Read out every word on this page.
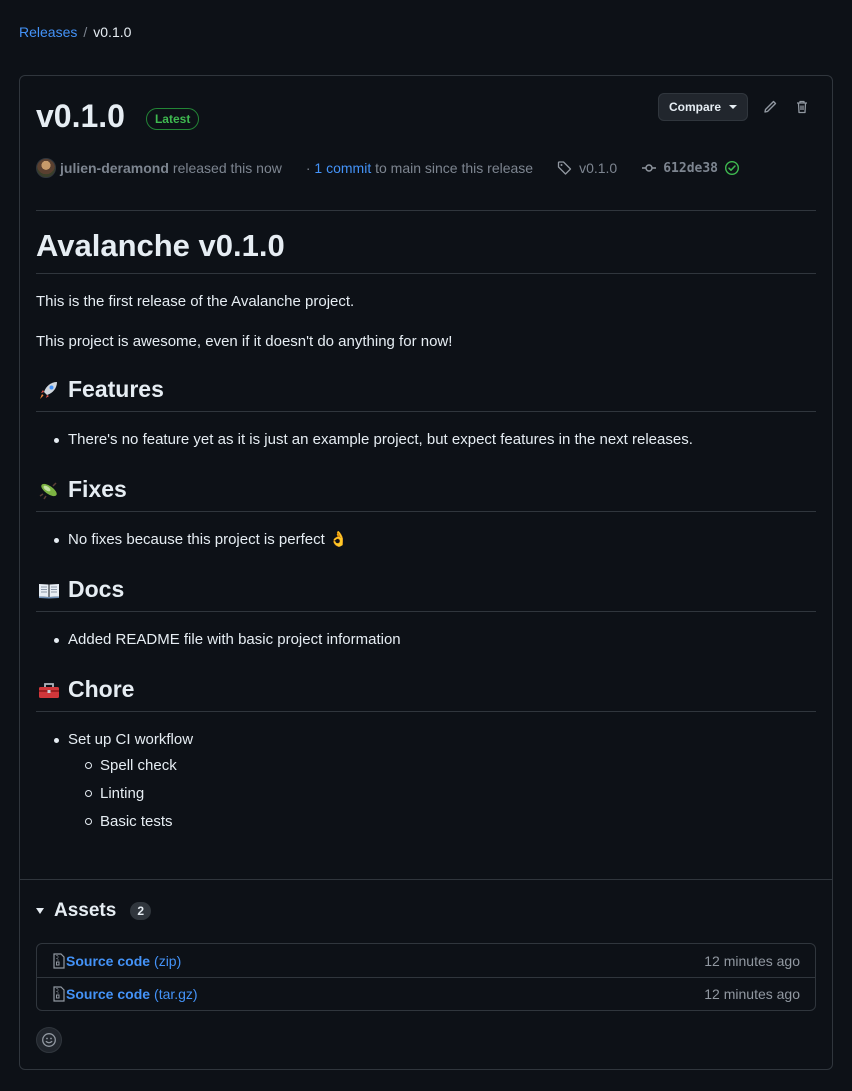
Releases / v0.1.0
v0.1.0	Latest
Compare
julien-deramond released this now · 1 commit to main since this release	v0.1.0	612de38
Avalanche v0.1.0

This is the first release of the Avalanche project.

This project is awesome, even if it doesn't do anything for now!

Features
There's no feature yet as it is just an example project, but expect features in the next releases.
Fixes
No fixes because this project is perfect 👌
Docs
Added README file with basic project information
Chore
Set up CI workflow
Spell check
Linting
Basic tests
Assets	2
Source code (zip)	12 minutes ago
Source code (tar.gz)	12 minutes ago
